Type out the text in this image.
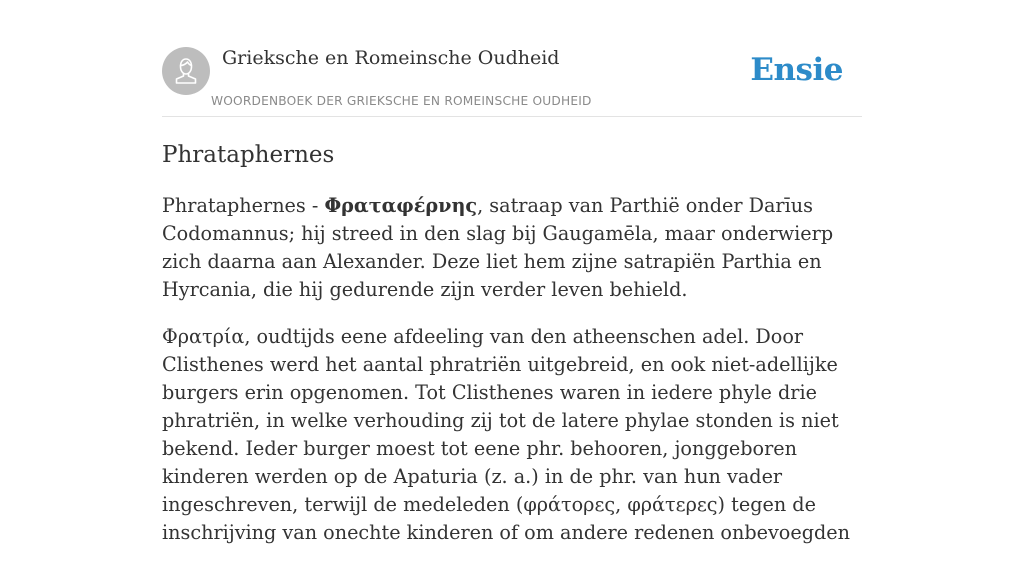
Grieksche en Romeinsche Oudheid
WOORDENBOEK DER GRIEKSCHE EN ROMEINSCHE OUDHEID
Ensie
Phrataphernes

Phrataphernes - Φραταφέρνης, satraap van Parthië onder Darīus Codomannus; hij streed in den slag bij Gaugamēla, maar onderwierp zich daarna aan Alexander. Deze liet hem zijne satrapiën Parthia en Hyrcania, die hij gedurende zijn verder leven behield.

Φρατρία, oudtijds eene afdeeling van den atheenschen adel. Door Clisthenes werd het aantal phratriën uitgebreid, en ook niet-adellijke burgers erin opgenomen. Tot Clisthenes waren in iedere phyle drie phratriën, in welke verhouding zij tot de latere phylae stonden is niet bekend. Ieder burger moest tot eene phr. behooren, jonggeboren kinderen werden op de Apaturia (z. a.) in de phr. van hun vader ingeschreven, terwijl de medeleden (φράτορες, φράτερες) tegen de inschrijving van onechte kinderen of om andere redenen onbevoegden
